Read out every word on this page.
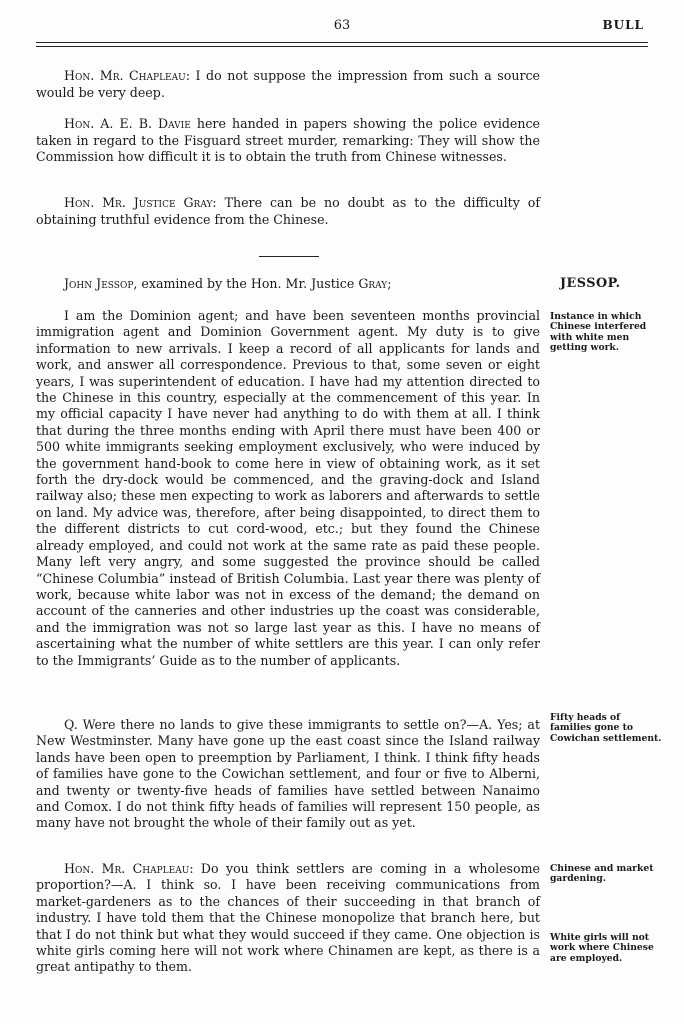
63	BULL

Hon. Mr. Chapleau: I do not suppose the impression from such a source would be very deep.

Hon. A. E. B. Davie here handed in papers showing the police evidence taken in regard to the Fisguard street murder, remarking: They will show the Commission how difficult it is to obtain the truth from Chinese witnesses.

Hon. Mr. Justice Gray: There can be no doubt as to the difficulty of obtaining truthful evidence from the Chinese.

John Jessop, examined by the Hon. Mr. Justice Gray;	JESSOP.

I am the Dominion agent; and have been seventeen months provincial immigration agent and Dominion Government agent. My duty is to give information to new arrivals. I keep a record of all applicants for lands and work, and answer all correspondence. Previous to that, some seven or eight years, I was superintendent of education. I have had my attention directed to the Chinese in this country, especially at the commencement of this year. In my official capacity I have never had anything to do with them at all. I think that during the three months ending with April there must have been 400 or 500 white immigrants seeking employment exclusively, who were induced by the government hand-book to come here in view of obtaining work, as it set forth the dry-dock would be commenced, and the graving-dock and Island railway also; these men expecting to work as laborers and afterwards to settle on land. My advice was, therefore, after being disappointed, to direct them to the different districts to cut cord-wood, etc.; but they found the Chinese already employed, and could not work at the same rate as paid these people. Many left very angry, and some suggested the province should be called “Chinese Columbia” instead of British Columbia. Last year there was plenty of work, because white labor was not in excess of the demand; the demand on account of the canneries and other industries up the coast was considerable, and the immigration was not so large last year as this. I have no means of ascertaining what the number of white settlers are this year. I can only refer to the Immigrants’ Guide as to the number of applicants.

Q. Were there no lands to give these immigrants to settle on?—A. Yes; at New Westminster. Many have gone up the east coast since the Island railway lands have been open to preemption by Parliament, I think. I think fifty heads of families have gone to the Cowichan settlement, and four or five to Alberni, and twenty or twenty-five heads of families have settled between Nanaimo and Comox. I do not think fifty heads of families will represent 150 people, as many have not brought the whole of their family out as yet.

Hon. Mr. Chapleau: Do you think settlers are coming in a wholesome proportion?—A. I think so. I have been receiving communications from market-gardeners as to the chances of their succeeding in that branch of industry. I have told them that the Chinese monopolize that branch here, but that I do not think but what they would succeed if they came. One objection is white girls coming here will not work where Chinamen are kept, as there is a great antipathy to them.

Instance in which Chinese interfered with white men getting work.
Fifty heads of families gone to Cowichan settlement.
Chinese and market gardening.
White girls will not work where Chinese are employed.
